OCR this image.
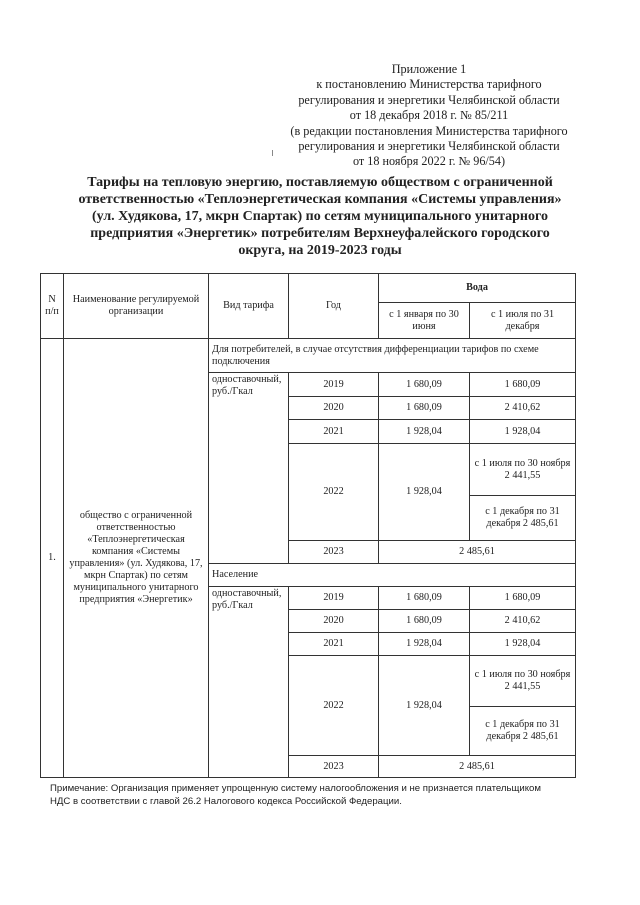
Приложение 1
к постановлению Министерства тарифного
регулирования и энергетики Челябинской области
от 18 декабря 2018 г. № 85/211
(в редакции постановления Министерства тарифного
регулирования и энергетики Челябинской области
от 18 ноября 2022 г. № 96/54)
Тарифы на тепловую энергию, поставляемую обществом с ограниченной
ответственностью «Теплоэнергетическая компания «Системы управления»
(ул. Худякова, 17, мкрн Спартак) по сетям муниципального унитарного
предприятия «Энергетик» потребителям Верхнеуфалейского городского
округа, на 2019-2023 годы
N п/п	Наименование регулируемой организации	Вид тарифа	Год	Вода	
				с 1 января по 30 июня	с 1 июля по 31 декабря
1.	общество с ограниченной ответственностью «Теплоэнергетическая компания «Системы управления» (ул. Худякова, 17, мкрн Спартак) по сетям муниципального унитарного предприятия «Энергетик»	Для потребителей, в случае отсутствия дифференциации тарифов по схеме подключения			
		одноставочный, руб./Гкал	2019	1 680,09	1 680,09
			2020	1 680,09	2 410,62
			2021	1 928,04	1 928,04
			2022	1 928,04	с 1 июля по 30 ноября 2 441,55
					с 1 декабря по 31 декабря 2 485,61
			2023	2 485,61	
		Население			
		одноставочный, руб./Гкал	2019	1 680,09	1 680,09
			2020	1 680,09	2 410,62
			2021	1 928,04	1 928,04
			2022	1 928,04	с 1 июля по 30 ноября 2 441,55
					с 1 декабря по 31 декабря 2 485,61
			2023	2 485,61	
Примечание: Организация применяет упрощенную систему налогообложения и не признается плательщиком
НДС в соответствии с главой 26.2 Налогового кодекса Российской Федерации.
